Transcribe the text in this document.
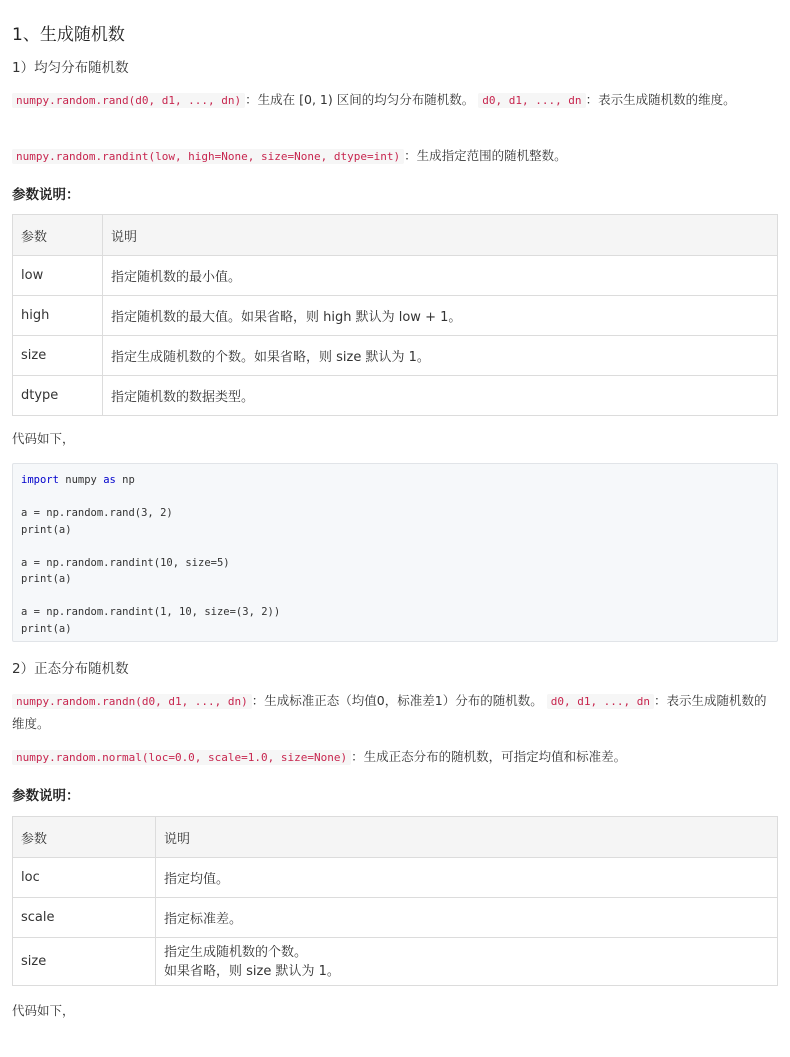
1、生成随机数

1）均匀分布随机数

numpy.random.rand(d0, d1, ..., dn) ：生成在 [0, 1) 区间的均匀分布随机数。 d0, d1, ..., dn ：表示生成随机数的维度。

numpy.random.randint(low, high=None, size=None, dtype=int) ：生成指定范围的随机整数。

参数说明：

参数	说明
low	指定随机数的最小值。
high	指定随机数的最大值。如果省略，则 high 默认为 low + 1。
size	指定生成随机数的个数。如果省略，则 size 默认为 1。
dtype	指定随机数的数据类型。

代码如下，

import numpy as np

a = np.random.rand(3, 2)
print(a)

a = np.random.randint(10, size=5)
print(a)

a = np.random.randint(1, 10, size=(3, 2))
print(a)

2）正态分布随机数

numpy.random.randn(d0, d1, ..., dn) ：生成标准正态（均值0，标准差1）分布的随机数。 d0, d1, ..., dn ：表示生成随机数的维度。

numpy.random.normal(loc=0.0, scale=1.0, size=None) ：生成正态分布的随机数，可指定均值和标准差。

参数说明：

参数	说明
loc	指定均值。
scale	指定标准差。
size	指定生成随机数的个数。
如果省略，则 size 默认为 1。

代码如下，
